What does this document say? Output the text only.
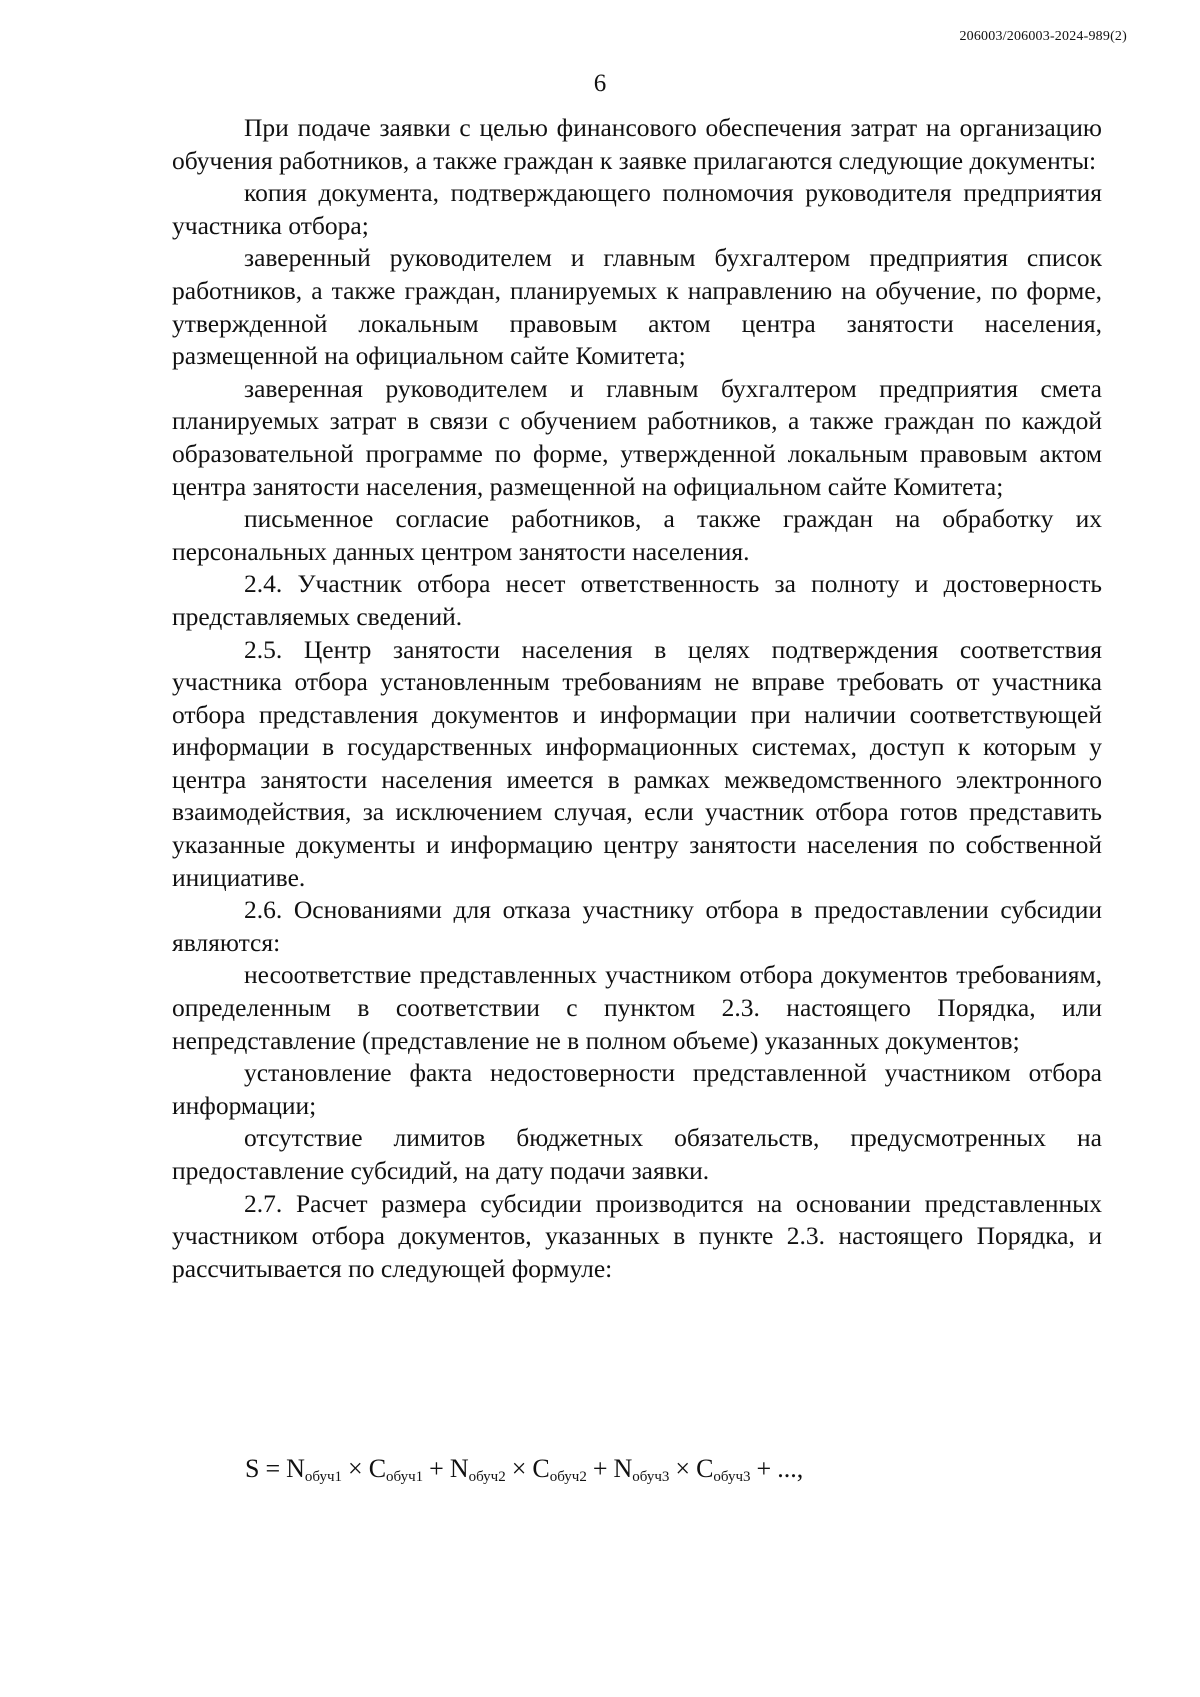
206003/206003-2024-989(2)
6

При подаче заявки с целью финансового обеспечения затрат на организацию обучения работников, а также граждан к заявке прилагаются следующие документы:

копия документа, подтверждающего полномочия руководителя предприятия участника отбора;

заверенный руководителем и главным бухгалтером предприятия список работников, а также граждан, планируемых к направлению на обучение, по форме, утвержденной локальным правовым актом центра занятости населения, размещенной на официальном сайте Комитета;

заверенная руководителем и главным бухгалтером предприятия смета планируемых затрат в связи с обучением работников, а также граждан по каждой образовательной программе по форме, утвержденной локальным правовым актом центра занятости населения, размещенной на официальном сайте Комитета;

письменное согласие работников, а также граждан на обработку их персональных данных центром занятости населения.

2.4. Участник отбора несет ответственность за полноту и достоверность представляемых сведений.

2.5. Центр занятости населения в целях подтверждения соответствия участника отбора установленным требованиям не вправе требовать от участника отбора представления документов и информации при наличии соответствующей информации в государственных информационных системах, доступ к которым у центра занятости населения имеется в рамках межведомственного электронного взаимодействия, за исключением случая, если участник отбора готов представить указанные документы и информацию центру занятости населения по собственной инициативе.

2.6. Основаниями для отказа участнику отбора в предоставлении субсидии являются:

несоответствие представленных участником отбора документов требованиям, определенным в соответствии с пунктом 2.3. настоящего Порядка, или непредставление (представление не в полном объеме) указанных документов;

установление факта недостоверности представленной участником отбора информации;

отсутствие лимитов бюджетных обязательств, предусмотренных на предоставление субсидий, на дату подачи заявки.

2.7. Расчет размера субсидии производится на основании представленных участником отбора документов, указанных в пункте 2.3. настоящего Порядка, и рассчитывается по следующей формуле:

$S = N_{обуч1} \times C_{обуч1} + N_{обуч2} \times C_{обуч2} + N_{обуч3} \times C_{обуч3}$ + ...,
